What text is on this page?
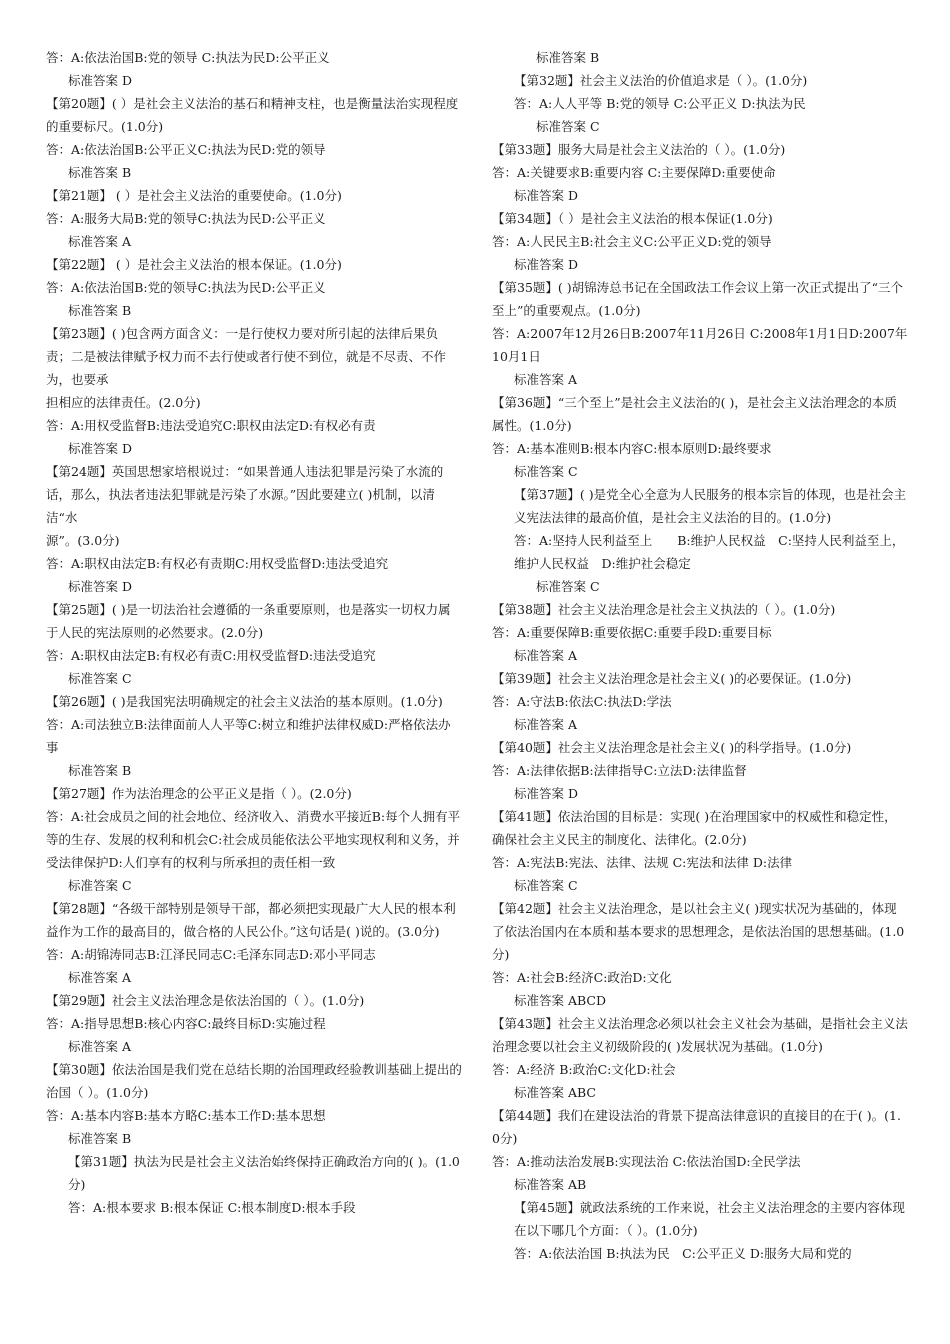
答：A:依法治国B:党的领导 C:执法为民D:公平正义

标准答案 D

【第20题】( ）是社会主义法治的基石和精神支柱，也是衡量法治实现程度的重要标尺。(1.0分)

答：A:依法治国B:公平正义C:执法为民D:党的领导

标准答案 B

【第21题】 ( ）是社会主义法治的重要使命。(1.0分)

答：A:服务大局B:党的领导C:执法为民D:公平正义

标准答案 A

【第22题】 ( ）是社会主义法治的根本保证。(1.0分)

答：A:依法治国B:党的领导C:执法为民D:公平正义

标准答案 B

【第23题】( )包含两方面含义：一是行使权力要对所引起的法律后果负责；二是被法律赋予权力而不去行使或者行使不到位，就是不尽责、不作为，也要承

担相应的法律责任。(2.0分)

答：A:用权受监督B:违法受追究C:职权由法定D:有权必有责

标准答案 D

【第24题】英国思想家培根说过：“如果普通人违法犯罪是污染了水流的话，那么，执法者违法犯罪就是污染了水源。”因此要建立( )机制，以清洁“水

源”。(3.0分)

答：A:职权由法定B:有权必有责期C:用权受监督D:违法受追究

标准答案 D

【第25题】( )是一切法治社会遵循的一条重要原则，也是落实一切权力属于人民的宪法原则的必然要求。(2.0分)

答：A:职权由法定B:有权必有责C:用权受监督D:违法受追究

标准答案 C

【第26题】( )是我国宪法明确规定的社会主义法治的基本原则。(1.0分)

答：A:司法独立B:法律面前人人平等C:树立和维护法律权威D:严格依法办事

标准答案 B

【第27题】作为法治理念的公平正义是指（ ）。(2.0分)

答：A:社会成员之间的社会地位、经济收入、消费水平接近B:每个人拥有平等的生存、发展的权利和机会C:社会成员能依法公平地实现权利和义务，并受法律保护D:人们享有的权利与所承担的责任相一致

标准答案 C

【第28题】“各级干部特别是领导干部，都必须把实现最广大人民的根本利益作为工作的最高目的，做合格的人民公仆。”这句话是( )说的。(3.0分)

答：A:胡锦涛同志B:江泽民同志C:毛泽东同志D:邓小平同志

标准答案 A

【第29题】社会主义法治理念是依法治国的（ ）。(1.0分)

答：A:指导思想B:核心内容C:最终目标D:实施过程

标准答案 A

【第30题】依法治国是我们党在总结长期的治国理政经验教训基础上提出的治国（ ）。(1.0分)

答：A:基本内容B:基本方略C:基本工作D:基本思想

标准答案 B

【第31题】执法为民是社会主义法治始终保持正确政治方向的( )。(1.0分)

答：A:根本要求 B:根本保证 C:根本制度D:根本手段

标准答案 B

【第32题】社会主义法治的价值追求是（ ）。(1.0分)

答：A:人人平等 B:党的领导 C:公平正义 D:执法为民

标准答案 C

【第33题】服务大局是社会主义法治的（ ）。(1.0分)

答：A:关键要求B:重要内容 C:主要保障D:重要使命

标准答案 D

【第34题】（ ）是社会主义法治的根本保证(1.0分)

答：A:人民民主B:社会主义C:公平正义D:党的领导

标准答案 D

【第35题】( )胡锦涛总书记在全国政法工作会议上第一次正式提出了“三个至上”的重要观点。(1.0分)

答：A:2007年12月26日B:2007年11月26日 C:2008年1月1日D:2007年10月1日

标准答案 A

【第36题】“三个至上”是社会主义法治的( )，是社会主义法治理念的本质属性。(1.0分)

答：A:基本准则B:根本内容C:根本原则D:最终要求

标准答案 C

【第37题】( )是党全心全意为人民服务的根本宗旨的体现，也是社会主义宪法法律的最高价值，是社会主义法治的目的。(1.0分)

答：A:坚持人民利益至上　　B:维护人民权益　C:坚持人民利益至上，维护人民权益　D:维护社会稳定

标准答案 C

【第38题】社会主义法治理念是社会主义执法的（ ）。(1.0分)

答：A:重要保障B:重要依据C:重要手段D:重要目标

标准答案 A

【第39题】社会主义法治理念是社会主义( )的必要保证。(1.0分)

答：A:守法B:依法C:执法D:学法

标准答案 A

【第40题】社会主义法治理念是社会主义( )的科学指导。(1.0分)

答：A:法律依据B:法律指导C:立法D:法律监督

标准答案 D

【第41题】依法治国的目标是：实现( )在治理国家中的权威性和稳定性，确保社会主义民主的制度化、法律化。(2.0分)

答：A:宪法B:宪法、法律、法规 C:宪法和法律 D:法律

标准答案 C

【第42题】社会主义法治理念，是以社会主义( )现实状况为基础的，体现了依法治国内在本质和基本要求的思想理念，是依法治国的思想基础。(1.0分)

答：A:社会B:经济C:政治D:文化

标准答案 ABCD

【第43题】社会主义法治理念必须以社会主义社会为基础，是指社会主义法治理念要以社会主义初级阶段的( )发展状况为基础。(1.0分)

答：A:经济 B:政治C:文化D:社会

标准答案 ABC

【第44题】我们在建设法治的背景下提高法律意识的直接目的在于( )。(1.0分)

答：A:推动法治发展B:实现法治 C:依法治国D:全民学法

标准答案 AB

【第45题】就政法系统的工作来说，社会主义法治理念的主要内容体现在以下哪几个方面：（ ）。(1.0分)

答：A:依法治国 B:执法为民　C:公平正义 D:服务大局和党的
